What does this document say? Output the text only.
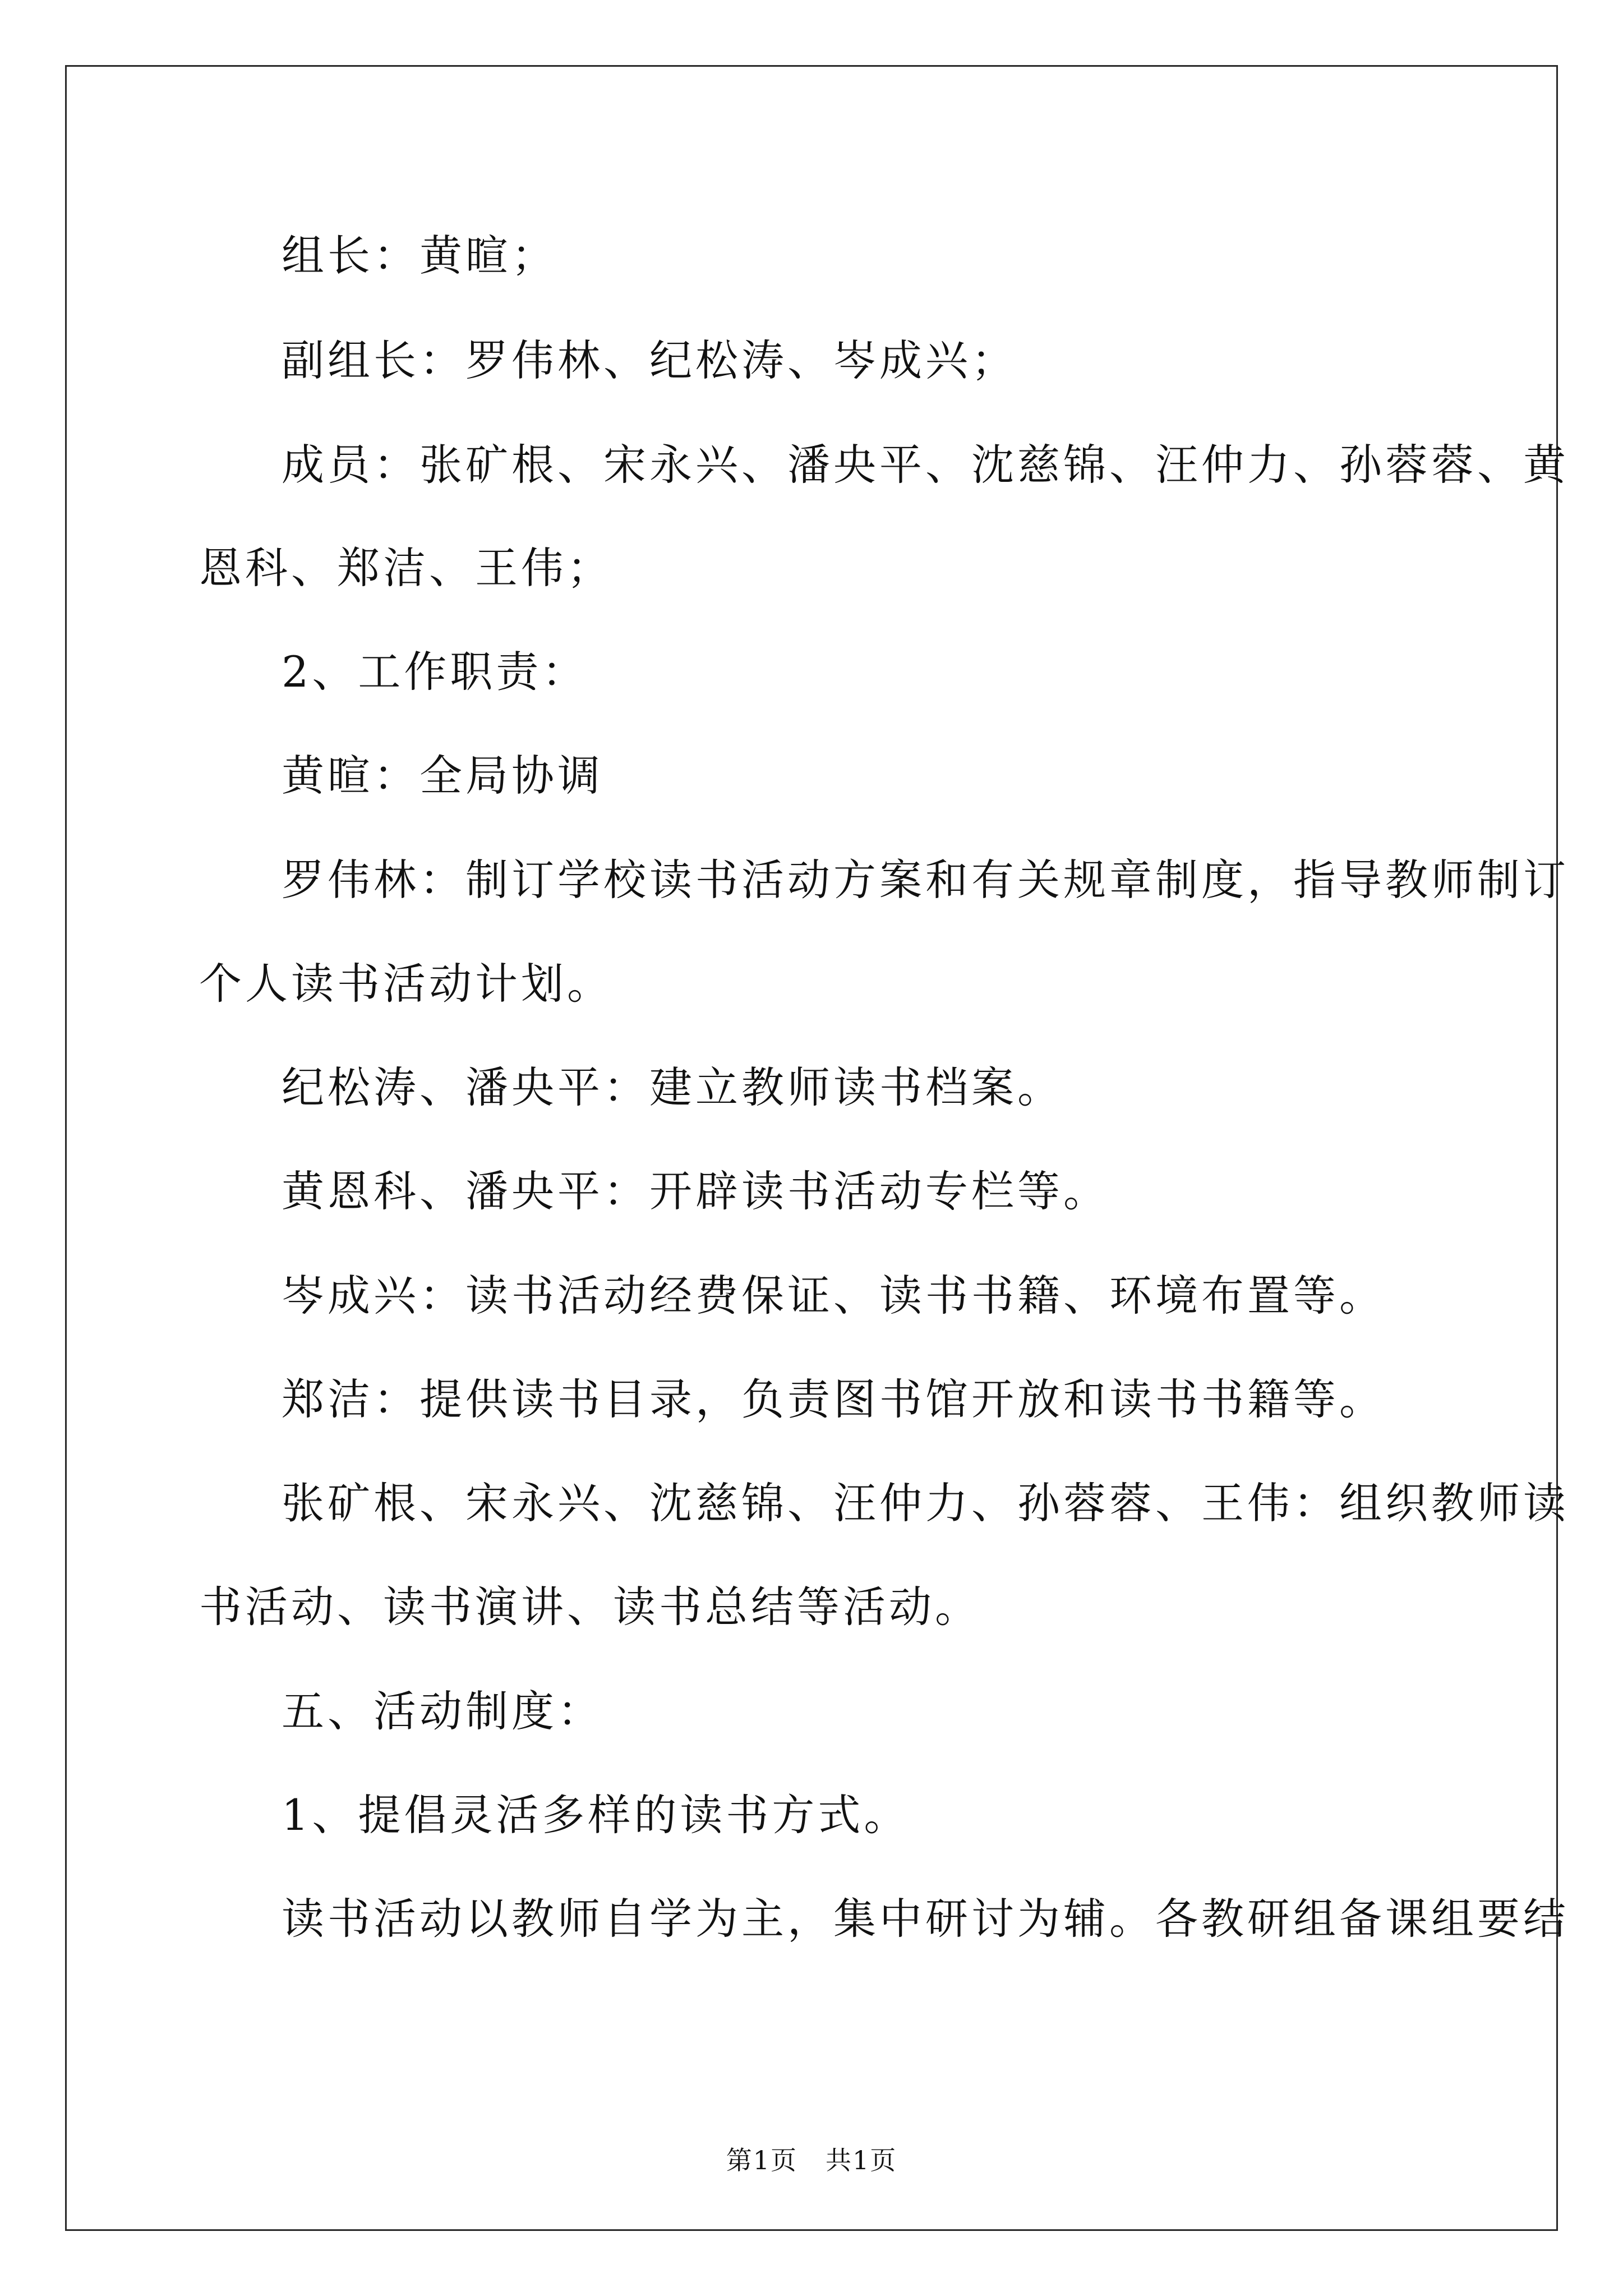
组长：黄暄；
副组长：罗伟林、纪松涛、岑成兴；
成员：张矿根、宋永兴、潘央平、沈慈锦、汪仲力、孙蓉蓉、黄
恩科、郑洁、王伟；
2、工作职责：
黄暄：全局协调
罗伟林：制订学校读书活动方案和有关规章制度，指导教师制订
个人读书活动计划。
纪松涛、潘央平：建立教师读书档案。
黄恩科、潘央平：开辟读书活动专栏等。
岑成兴：读书活动经费保证、读书书籍、环境布置等。
郑洁：提供读书目录，负责图书馆开放和读书书籍等。
张矿根、宋永兴、沈慈锦、汪仲力、孙蓉蓉、王伟：组织教师读
书活动、读书演讲、读书总结等活动。
五、活动制度：
1、提倡灵活多样的读书方式。
读书活动以教师自学为主，集中研讨为辅。各教研组备课组要结
第1页 共1页
